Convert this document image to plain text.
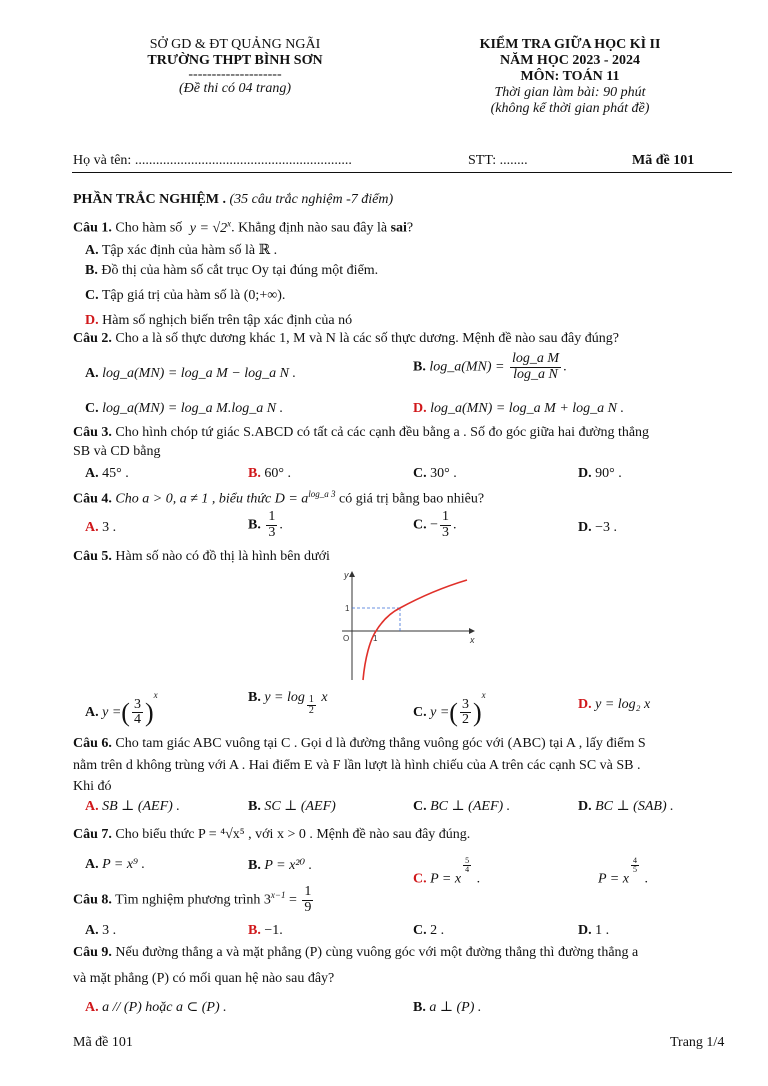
SỞ GD & ĐT QUẢNG NGÃI
TRƯỜNG THPT BÌNH SƠN
--------------------
(Đề thi có 04 trang)
KIỂM TRA GIỮA HỌC KÌ II
NĂM HỌC 2023 - 2024
MÔN: TOÁN 11
Thời gian làm bài: 90 phút
(không kể thời gian phát đề)
Họ và tên: ..............................................................	STT: ........	Mã đề 101
PHẦN TRẮC NGHIỆM . (35 câu trắc nghiệm -7 điểm)
Câu 1. Cho hàm số $y = √2^x$. Khẳng định nào sau đây là sai?
A. Tập xác định của hàm số là ℝ .
B. Đồ thị của hàm số cắt trục Oy tại đúng một điểm.
C. Tập giá trị của hàm số là (0;+∞).
D. Hàm số nghịch biến trên tập xác định của nó
Câu 2. Cho a là số thực dương khác 1, M và N là các số thực dương. Mệnh đề nào sau đây đúng?
A. log_a(MN) = log_a M − log_a N .	B. log_a(MN) = $\frac{\text{log\_a M}}{\text{log\_a N}}$ .
C. log_a(MN) = log_a M.log_a N .	D. log_a(MN) = log_a M + log_a N .
Câu 3. Cho hình chóp tứ giác S.ABCD có tất cả các cạnh đều bằng a . Số đo góc giữa hai đường thẳng
SB và CD bằng
A. 45° .	B. 60° .	C. 30° .	D. 90° .
Câu 4. Cho a > 0, a ≠ 1 , biểu thức $D = a^{log\_a 3}$ có giá trị bằng bao nhiêu?
A. 3 .	B. $\frac{1}{3}$ .	C. − $\frac{1}{3}$ .	D. −3 .
Câu 5. Hàm số nào có đồ thị là hình bên dưới
y
x
O	1
1
A. y =( $\frac{3}{4} )^x$	B. $y = \log \frac{1}{2}$ x
C. y =( $\frac{3}{2} )^x$
D. y = log₂ x
Câu 6. Cho tam giác ABC vuông tại C . Gọi d là đường thẳng vuông góc với (ABC) tại A , lấy điểm S
nằm trên d không trùng với A . Hai điểm E và F lần lượt là hình chiếu của A trên các cạnh SC và SB .
Khi đó
A. SB ⊥ (AEF) .	B. SC ⊥ (AEF)	C. BC ⊥ (AEF) .	D. BC ⊥ (SAB) .
Câu 7. Cho biểu thức P = ⁴√x⁵ , với x > 0 . Mệnh đề nào sau đây đúng.
A. P = x⁹ .	B. P = x²⁰ .
C. P = x
$\frac{5}{4}$
.	P = x
$\frac{4}{5}$
.
Câu 8. Tìm nghiệm phương trình $3^{x-1} = \frac{1}{9}$
A. 3 .	B. −1.	C. 2 .	D. 1 .
Câu 9. Nếu đường thẳng a và mặt phẳng (P) cùng vuông góc với một đường thẳng thì đường thẳng a
và mặt phẳng (P) có mối quan hệ nào sau đây?
A. a // (P) hoặc a ⊂ (P) .	B. a ⊥ (P) .
Mã đề 101	Trang 1/4
